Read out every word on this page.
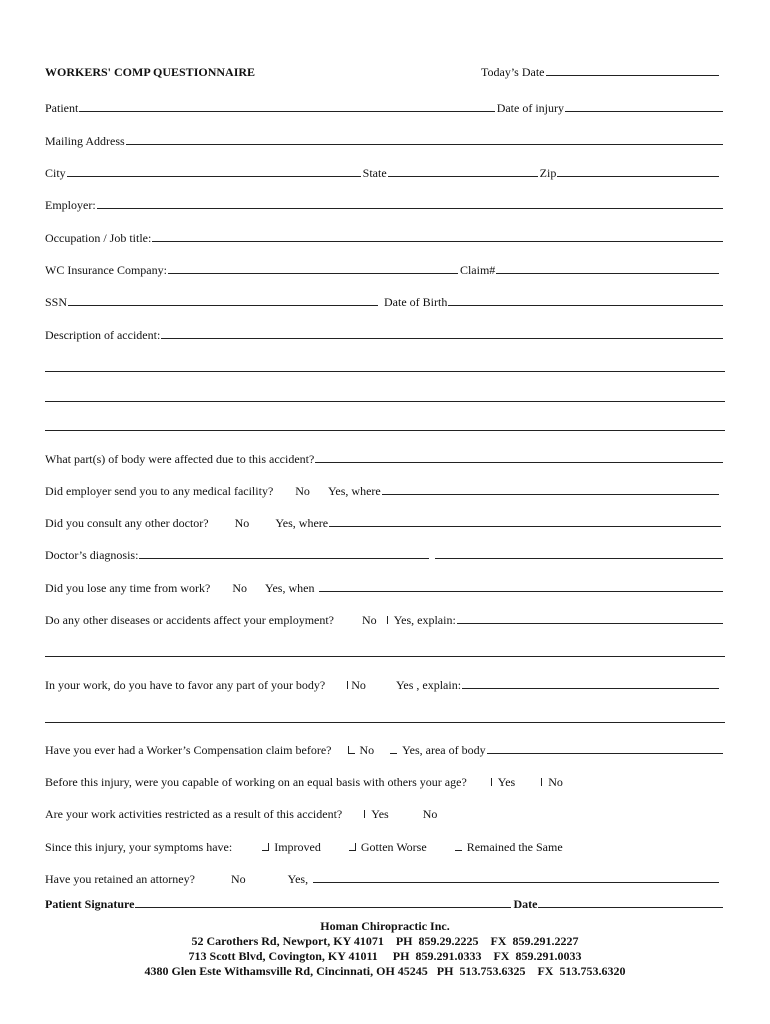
WORKERS' COMP QUESTIONNAIRE	Today’s Date
Patient	Date of injury
Mailing Address
City	State	Zip
Employer:
Occupation / Job title:
WC Insurance Company:	Claim#
SSN	Date of Birth
Description of accident:
What part(s) of body were affected due to this accident?
Did employer send you to any medical facility? No Yes, where
Did you consult any other doctor? No Yes, where
Doctor’s diagnosis:
Did you lose any time from work? No Yes, when
Do any other diseases or accidents affect your employment? No Yes, explain:
In your work, do you have to favor any part of your body? No	Yes , explain:
Have you ever had a Worker’s Compensation claim before? No Yes, area of body
Before this injury, were you capable of working on an equal basis with others your age?	Yes	No
Are your work activities restricted as a result of this accident? Yes	No
Since this injury, your symptoms have:	Improved	Gotten Worse	Remained the Same
Have you retained an attorney?	No	Yes,
Patient Signature	Date
Homan Chiropractic Inc.
52 Carothers Rd, Newport, KY 41071    PH  859.29.2225    FX  859.291.2227
713 Scott Blvd, Covington, KY 41011     PH  859.291.0333    FX  859.291.0033
4380 Glen Este Withamsville Rd, Cincinnati, OH 45245   PH  513.753.6325    FX  513.753.6320
